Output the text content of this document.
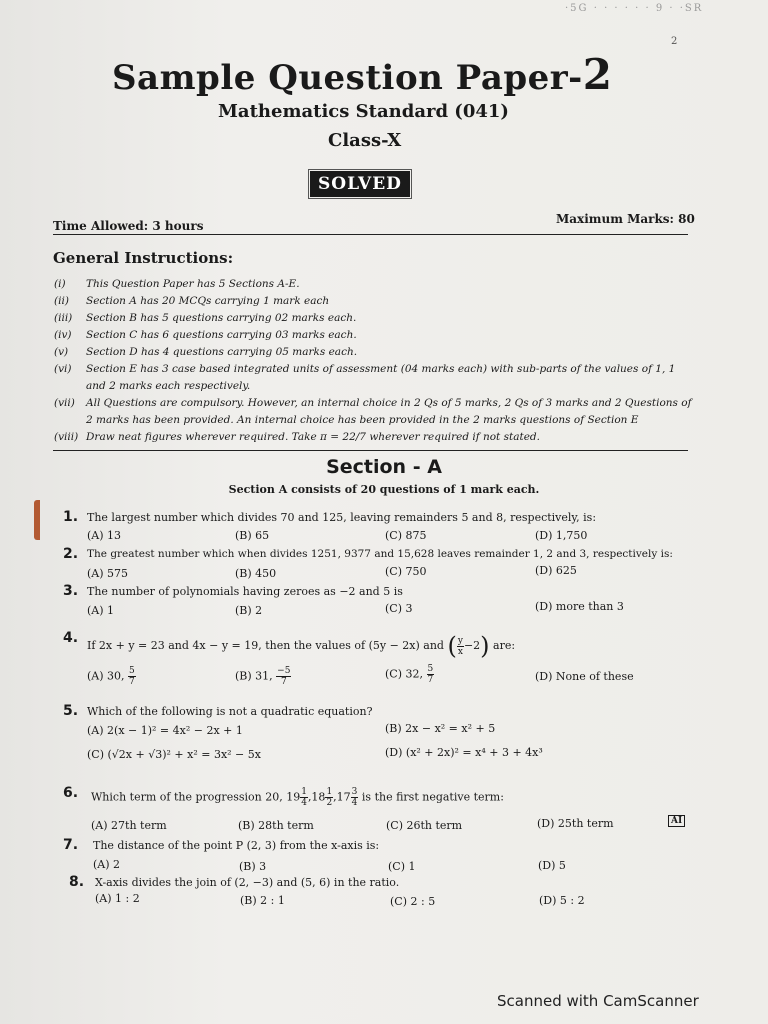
·5G · · · · · · 9 · ·SR
2
Sample Question Paper-2
Mathematics Standard (041)
Class-X
SOLVED
Time Allowed: 3 hours	Maximum Marks: 80
General Instructions:
(i)	This Question Paper has 5 Sections A-E.
(ii)	Section A has 20 MCQs carrying 1 mark each
(iii)	Section B has 5 questions carrying 02 marks each.
(iv)	Section C has 6 questions carrying 03 marks each.
(v)	Section D has 4 questions carrying 05 marks each.
(vi)	Section E has 3 case based integrated units of assessment (04 marks each) with sub-parts of the values of 1, 1 and 2 marks each respectively.
(vii)	All Questions are compulsory. However, an internal choice in 2 Qs of 5 marks, 2 Qs of 3 marks and 2 Questions of 2 marks has been provided. An internal choice has been provided in the 2 marks questions of Section E
(viii) Draw neat figures wherever required. Take π = 22/7 wherever required if not stated.
Section - A
Section A consists of 20 questions of 1 mark each.
1. The largest number which divides 70 and 125, leaving remainders 5 and 8, respectively, is:
(A) 13	(B) 65	(C) 875	(D) 1,750
2. The greatest number which when divides 1251, 9377 and 15,628 leaves remainder 1, 2 and 3, respectively is:
(A) 575	(B) 450	(C) 750	(D) 625
3. The number of polynomials having zeroes as −2 and 5 is
(A) 1	(B) 2	(C) 3	(D) more than 3
4. If 2x + y = 23 and 4x − y = 19, then the values of (5y − 2x) and ( $\frac{y}{x} -2$) are:
(A) 30, $\frac{5}{7}$	(B) 31, $\frac{-5}{7}$	(C) 32, $\frac{5}{7}$	(D) None of these
5. Which of the following is not a quadratic equation?
(A) 2(x − 1)² = 4x² − 2x + 1	(B) 2x − x² = x² + 5
(C) (√2x + √3)² + x² = 3x² − 5x	(D) (x² + 2x)² = x⁴ + 3 + 4x³
6. Which term of the progression 20, $19 \frac{1}{4} ,18 \frac{1}{2} ,17 \frac{3}{4}$ is the first negative term:
(A) 27th term	(B) 28th term	(C) 26th term	(D) 25th term	AI
7. The distance of the point P (2, 3) from the x-axis is:
(A) 2	(B) 3	(C) 1	(D) 5
8. X-axis divides the join of (2, −3) and (5, 6) in the ratio.
(A) 1 : 2	(B) 2 : 1	(C) 2 : 5	(D) 5 : 2
Scanned with CamScanner
